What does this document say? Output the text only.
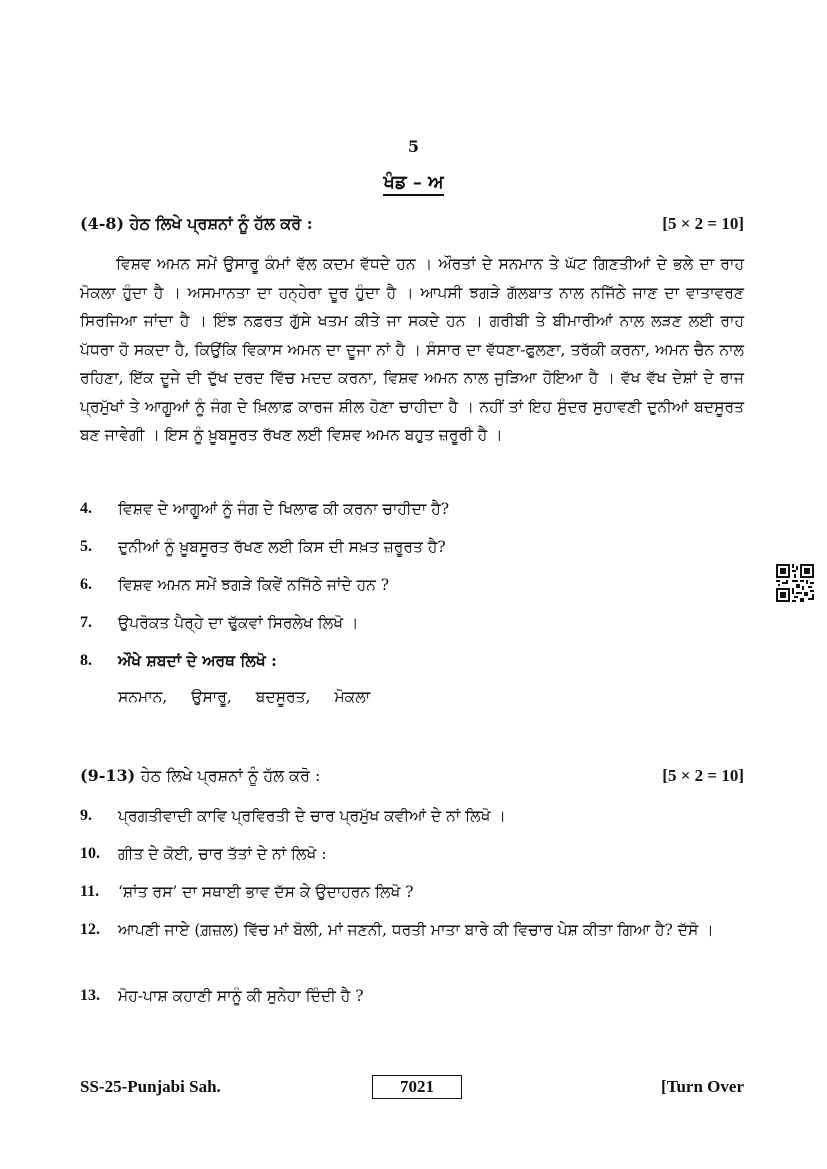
5
ਖੰਡ – ਅ
(4-8) ਹੇਠ ਲਿਖੇ ਪ੍ਰਸ਼ਨਾਂ ਨੂੰ ਹੱਲ ਕਰੋ :	[5 × 2 = 10]
ਵਿਸ਼ਵ ਅਮਨ ਸਮੇਂ ਉਸਾਰੂ ਕੰਮਾਂ ਵੱਲ ਕਦਮ ਵੱਧਦੇ ਹਨ । ਔਰਤਾਂ ਦੇ ਸਨਮਾਨ ਤੇ ਘੱਟ ਗਿਣਤੀਆਂ ਦੇ ਭਲੇ ਦਾ ਰਾਹ ਮੋਕਲਾ ਹੁੰਦਾ ਹੈ । ਅਸਮਾਨਤਾ ਦਾ ਹਨ੍ਹੇਰਾ ਦੂਰ ਹੁੰਦਾ ਹੈ । ਆਪਸੀ ਝਗੜੇ ਗੱਲਬਾਤ ਨਾਲ ਨਜਿੱਠੇ ਜਾਣ ਦਾ ਵਾਤਾਵਰਣ ਸਿਰਜਿਆ ਜਾਂਦਾ ਹੈ । ਇੰਝ ਨਫ਼ਰਤ ਗੁੱਸੇ ਖਤਮ ਕੀਤੇ ਜਾ ਸਕਦੇ ਹਨ । ਗਰੀਬੀ ਤੇ ਬੀਮਾਰੀਆਂ ਨਾਲ ਲੜਣ ਲਈ ਰਾਹ ਪੱਧਰਾ ਹੋ ਸਕਦਾ ਹੈ, ਕਿਉਂਕਿ ਵਿਕਾਸ ਅਮਨ ਦਾ ਦੂਜਾ ਨਾਂ ਹੈ । ਸੰਸਾਰ ਦਾ ਵੱਧਣਾ-ਫੁਲਣਾ, ਤਰੱਕੀ ਕਰਨਾ, ਅਮਨ ਚੈਨ ਨਾਲ ਰਹਿਣਾ, ਇੱਕ ਦੂਜੇ ਦੀ ਦੁੱਖ ਦਰਦ ਵਿੱਚ ਮਦਦ ਕਰਨਾ, ਵਿਸ਼ਵ ਅਮਨ ਨਾਲ ਜੁੜਿਆ ਹੋਇਆ ਹੈ । ਵੱਖ ਵੱਖ ਦੇਸ਼ਾਂ ਦੇ ਰਾਜ ਪ੍ਰਮੁੱਖਾਂ ਤੇ ਆਗੂਆਂ ਨੂੰ ਜੰਗ ਦੇ ਖ਼ਿਲਾਫ਼ ਕਾਰਜ ਸ਼ੀਲ ਹੋਣਾ ਚਾਹੀਦਾ ਹੈ । ਨਹੀਂ ਤਾਂ ਇਹ ਸੁੰਦਰ ਸੁਹਾਵਣੀ ਦੁਨੀਆਂ ਬਦਸੂਰਤ ਬਣ ਜਾਵੇਗੀ । ਇਸ ਨੂੰ ਖ਼ੂਬਸੂਰਤ ਰੱਖਣ ਲਈ ਵਿਸ਼ਵ ਅਮਨ ਬਹੁਤ ਜ਼ਰੂਰੀ ਹੈ ।
4.	ਵਿਸ਼ਵ ਦੇ ਆਗੂਆਂ ਨੂੰ ਜੰਗ ਦੇ ਖਿਲਾਫ ਕੀ ਕਰਨਾ ਚਾਹੀਦਾ ਹੈ?
5.	ਦੁਨੀਆਂ ਨੂੰ ਖ਼ੂਬਸੂਰਤ ਰੱਖਣ ਲਈ ਕਿਸ ਦੀ ਸਖ਼ਤ ਜ਼ਰੂਰਤ ਹੈ?
6.	ਵਿਸ਼ਵ ਅਮਨ ਸਮੇਂ ਝਗੜੇ ਕਿਵੇਂ ਨਜਿੱਠੇ ਜਾਂਦੇ ਹਨ ?
7.	ਉਪਰੋਕਤ ਪੈਰ੍ਹੇ ਦਾ ਢੁੱਕਵਾਂ ਸਿਰਲੇਖ ਲਿਖੋ ।
8.	ਔਖੇ ਸ਼ਬਦਾਂ ਦੇ ਅਰਥ ਲਿਖੋ :
ਸਨਮਾਨ, ਉਸਾਰੂ, ਬਦਸੂਰਤ, ਮੋਕਲਾ
(9-13) ਹੇਠ ਲਿਖੇ ਪ੍ਰਸ਼ਨਾਂ ਨੂੰ ਹੱਲ ਕਰੋ :	[5 × 2 = 10]
9.	ਪ੍ਰਗਤੀਵਾਦੀ ਕਾਵਿ ਪ੍ਰਵਿਰਤੀ ਦੇ ਚਾਰ ਪ੍ਰਮੁੱਖ ਕਵੀਆਂ ਦੇ ਨਾਂ ਲਿਖੋ ।
10.	ਗੀਤ ਦੇ ਕੋਈ, ਚਾਰ ਤੱਤਾਂ ਦੇ ਨਾਂ ਲਿਖੋ :
11.	‘ਸ਼ਾਂਤ ਰਸ’ ਦਾ ਸਥਾਈ ਭਾਵ ਦੱਸ ਕੇ ਉਦਾਹਰਨ ਲਿਖੋ ?
12.	ਆਪਣੀ ਜਾਏ (ਗ਼ਜ਼ਲ) ਵਿੱਚ ਮਾਂ ਬੋਲੀ, ਮਾਂ ਜਣਨੀ, ਧਰਤੀ ਮਾਤਾ ਬਾਰੇ ਕੀ ਵਿਚਾਰ ਪੇਸ਼ ਕੀਤਾ ਗਿਆ ਹੈ? ਦੱਸੋ ।
13.	ਮੋਹ-ਪਾਸ਼ ਕਹਾਣੀ ਸਾਨੂੰ ਕੀ ਸੁਨੇਹਾ ਦਿੰਦੀ ਹੈ ?
SS-25-Punjabi Sah.	7021	[Turn Over
